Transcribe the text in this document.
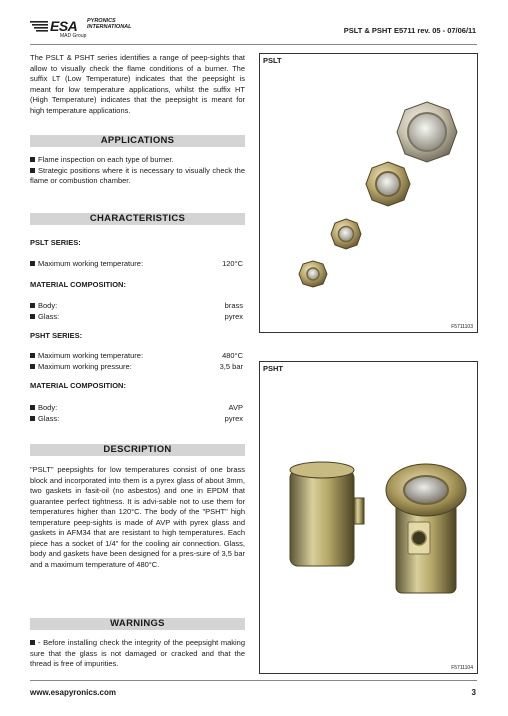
ESA PYRONICS
INTERNATIONAL
MAD Group
PSLT & PSHT E5711 rev. 05 - 07/06/11
The PSLT & PSHT series identifies a range of peep-sights that allow to visually check the flame conditions of a burner. The suffix LT (Low Temperature) indicates that the peepsight is meant for low temperature applications, whilst the suffix HT (High Temperature) indicates that the peepsight is meant for high temperature applications.
APPLICATIONS
Flame inspection on each type of burner.
Strategic positions where it is necessary to visually check the flame or combustion chamber.
CHARACTERISTICS
PSLT SERIES:
Maximum working temperature:	120°C
MATERIAL COMPOSITION:
Body:	brass
Glass:	pyrex
PSHT SERIES:
Maximum working temperature:	480°C
Maximum working pressure:	3,5 bar
MATERIAL COMPOSITION:
Body:	AVP
Glass:	pyrex
DESCRIPTION
"PSLT" peepsights for low temperatures consist of one brass block and incorporated into them is a pyrex glass of about 3mm, two gaskets in fasit-oil (no asbestos) and one in EPDM that guarantee perfect tightness. It is advi-sable not to use them for temperatures higher than 120°C. The body of the "PSHT" high temperature peep-sights is made of AVP with pyrex glass and gaskets in AFM34 that are resistant to high temperatures. Each piece has a socket of 1/4" for the cooling air connection. Glass, body and gaskets have been designed for a pres-sure of 3,5 bar and a maximum temperature of 480°C.
WARNINGS
- Before installing check the integrity of the peepsight making sure that the glass is not damaged or cracked and that the thread is free of impurities.
PSLT
F5711103
PSHT
F5711104
www.esapyronics.com	3
